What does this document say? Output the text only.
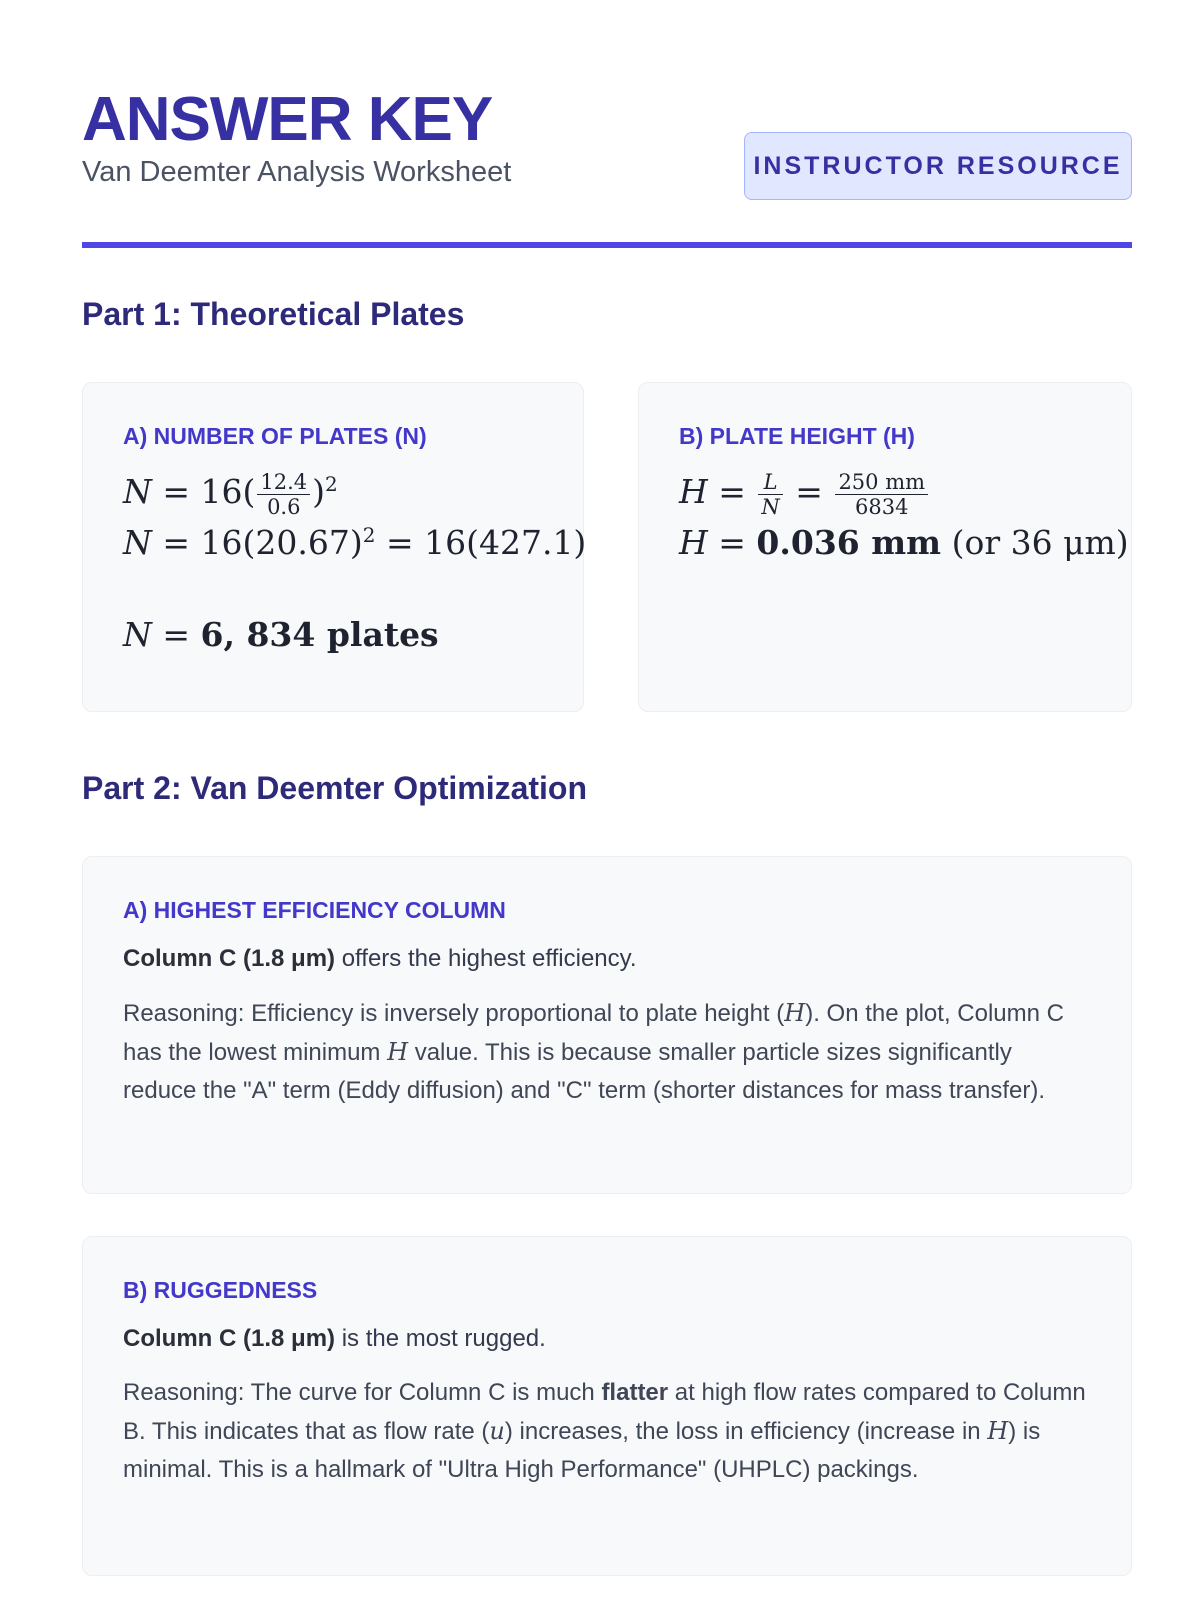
ANSWER KEY
Van Deemter Analysis Worksheet	INSTRUCTOR RESOURCE
Part 1: Theoretical Plates
A) NUMBER OF PLATES (N)
$N = 16( \frac{12.4}{0.6} )^2$
$N = 16(20.67)^2 = 16(427.1)$
N = 6, 834 plates
B) PLATE HEIGHT (H)
$H = \frac{L}{N} = \frac{250 mm}{6834}$
H = 0.036 mm (or 36 μm)
Part 2: Van Deemter Optimization
A) HIGHEST EFFICIENCY COLUMN

Column C (1.8 μm) offers the highest efficiency.

Reasoning: Efficiency is inversely proportional to plate height (H). On the plot, Column C has the lowest minimum H value. This is because smaller particle sizes significantly reduce the "A" term (Eddy diffusion) and "C" term (shorter distances for mass transfer).

B) RUGGEDNESS

Column C (1.8 μm) is the most rugged.

Reasoning: The curve for Column C is much flatter at high flow rates compared to Column B. This indicates that as flow rate (u) increases, the loss in efficiency (increase in H) is minimal. This is a hallmark of "Ultra High Performance" (UHPLC) packings.
